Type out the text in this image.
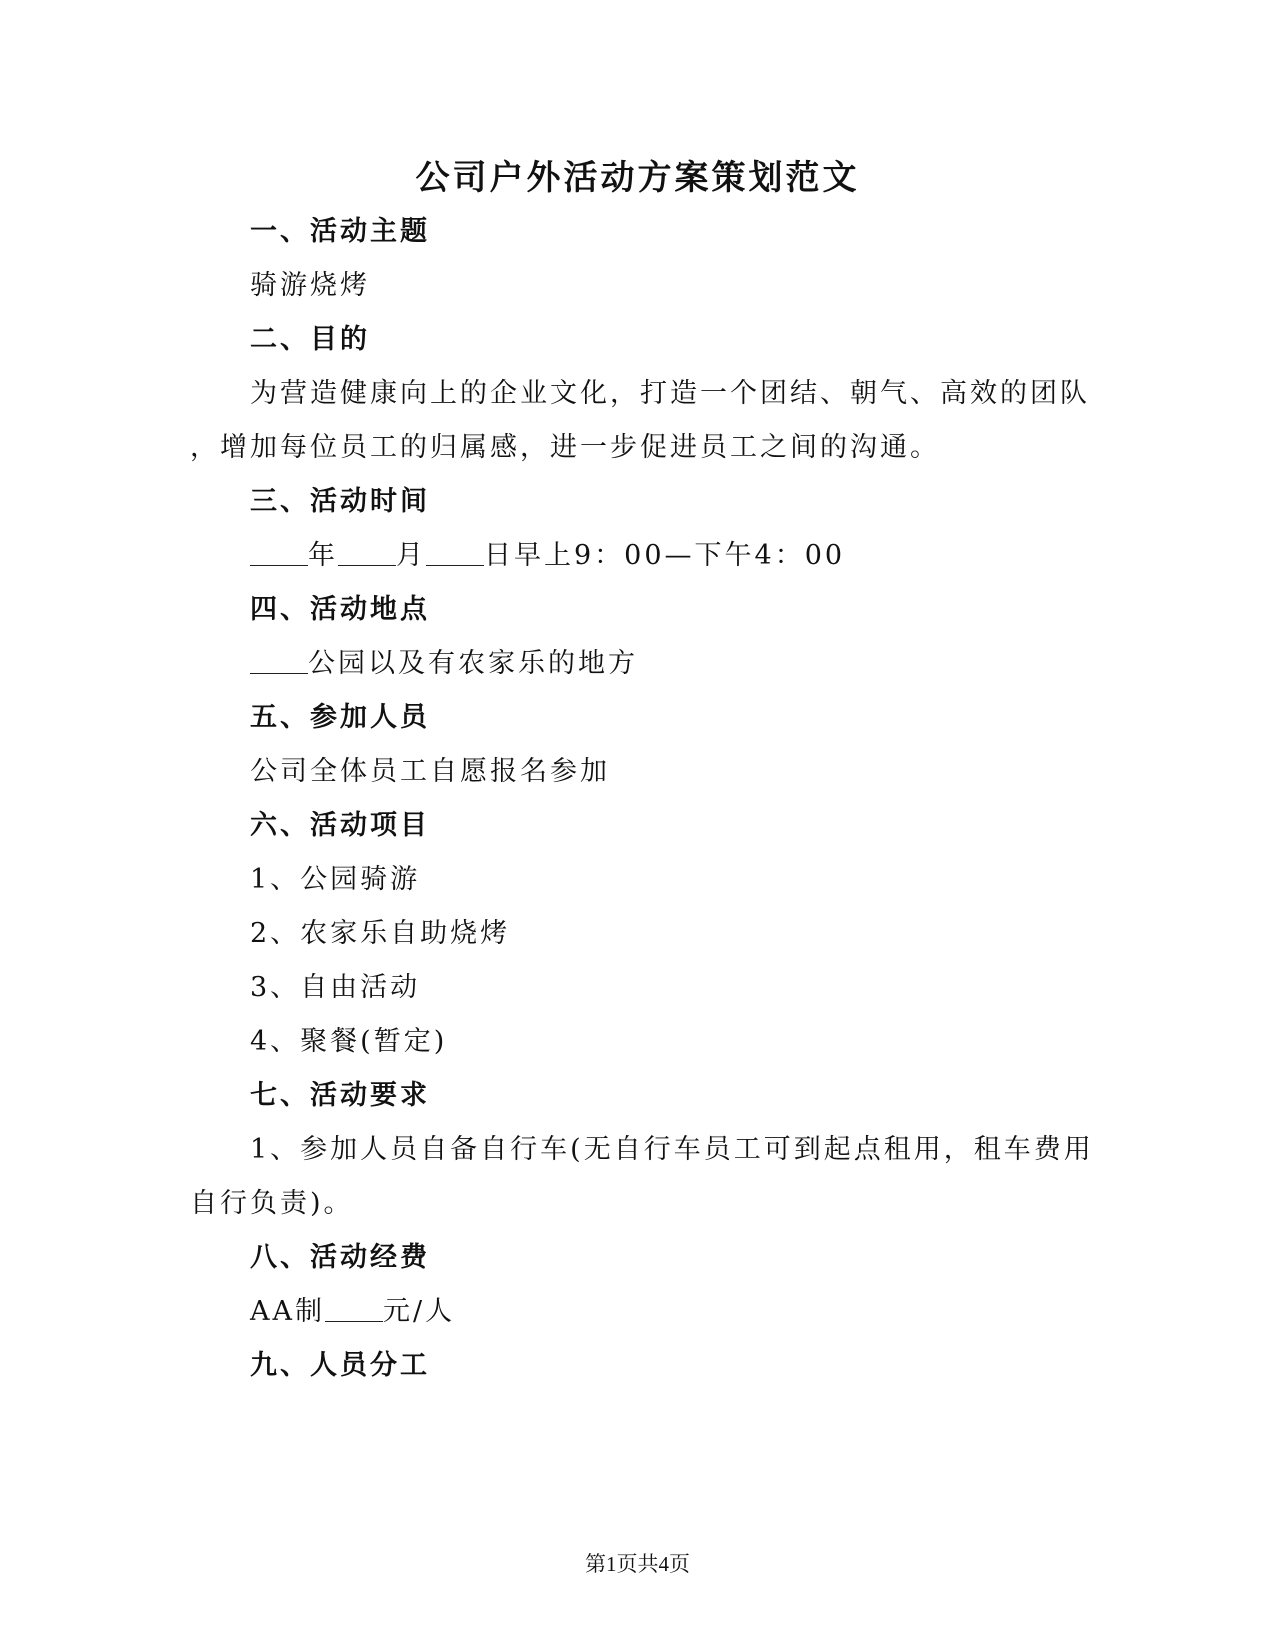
公司户外活动方案策划范文
一、活动主题
骑游烧烤
二、目的
为营造健康向上的企业文化，打造一个团结、朝气、高效的团队
，增加每位员工的归属感，进一步促进员工之间的沟通。
三、活动时间
年 月 日早上9：00—下午4：00
四、活动地点
公园以及有农家乐的地方
五、参加人员
公司全体员工自愿报名参加
六、活动项目
1、公园骑游
2、农家乐自助烧烤
3、自由活动
4、聚餐(暂定)
七、活动要求
1、参加人员自备自行车(无自行车员工可到起点租用，租车费用
自行负责)。
八、活动经费
AA制 元/人
九、人员分工
第1页共4页
